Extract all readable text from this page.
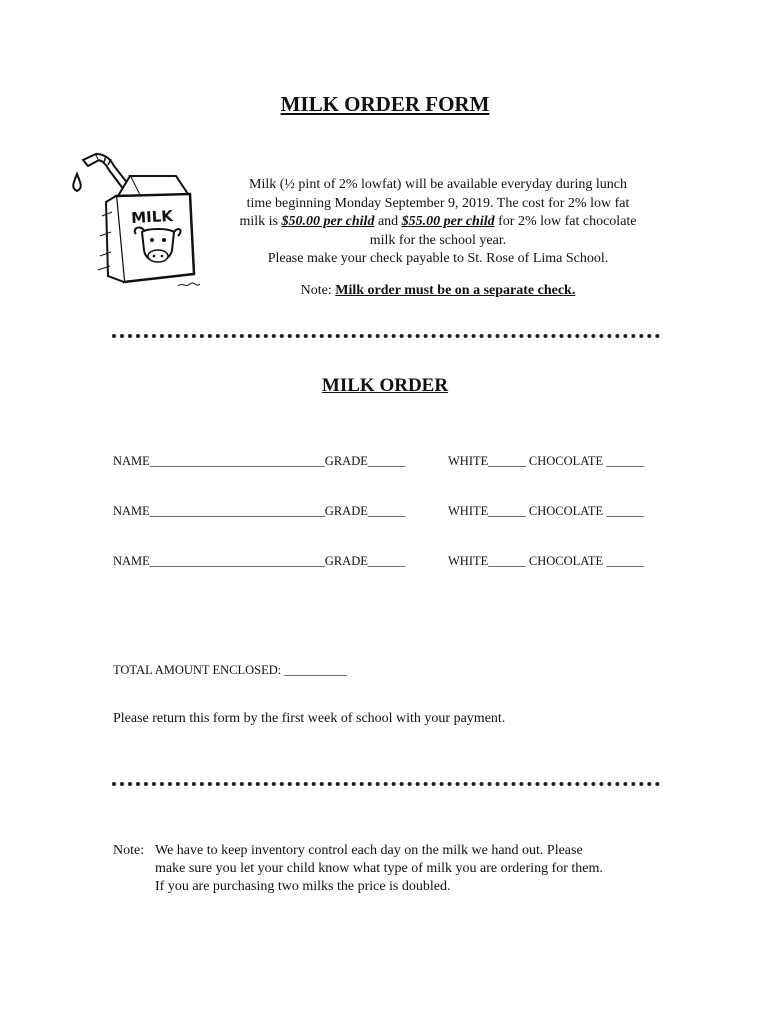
MILK ORDER FORM
MILK
Milk (½ pint of 2% lowfat) will be available everyday during lunch
time beginning Monday September 9, 2019. The cost for 2% low fat
milk is $50.00 per child and $55.00 per child for 2% low fat chocolate
milk for the school year.
Please make your check payable to St. Rose of Lima School.

Note: Milk order must be on a separate check.

MILK ORDER
NAME____________________________GRADE______	WHITE______ CHOCOLATE ______
NAME____________________________GRADE______	WHITE______ CHOCOLATE ______
NAME____________________________GRADE______	WHITE______ CHOCOLATE ______

TOTAL AMOUNT ENCLOSED: __________

Please return this form by the first week of school with your payment.

Note: We have to keep inventory control each day on the milk we hand out. Please
make sure you let your child know what type of milk you are ordering for them.
If you are purchasing two milks the price is doubled.
